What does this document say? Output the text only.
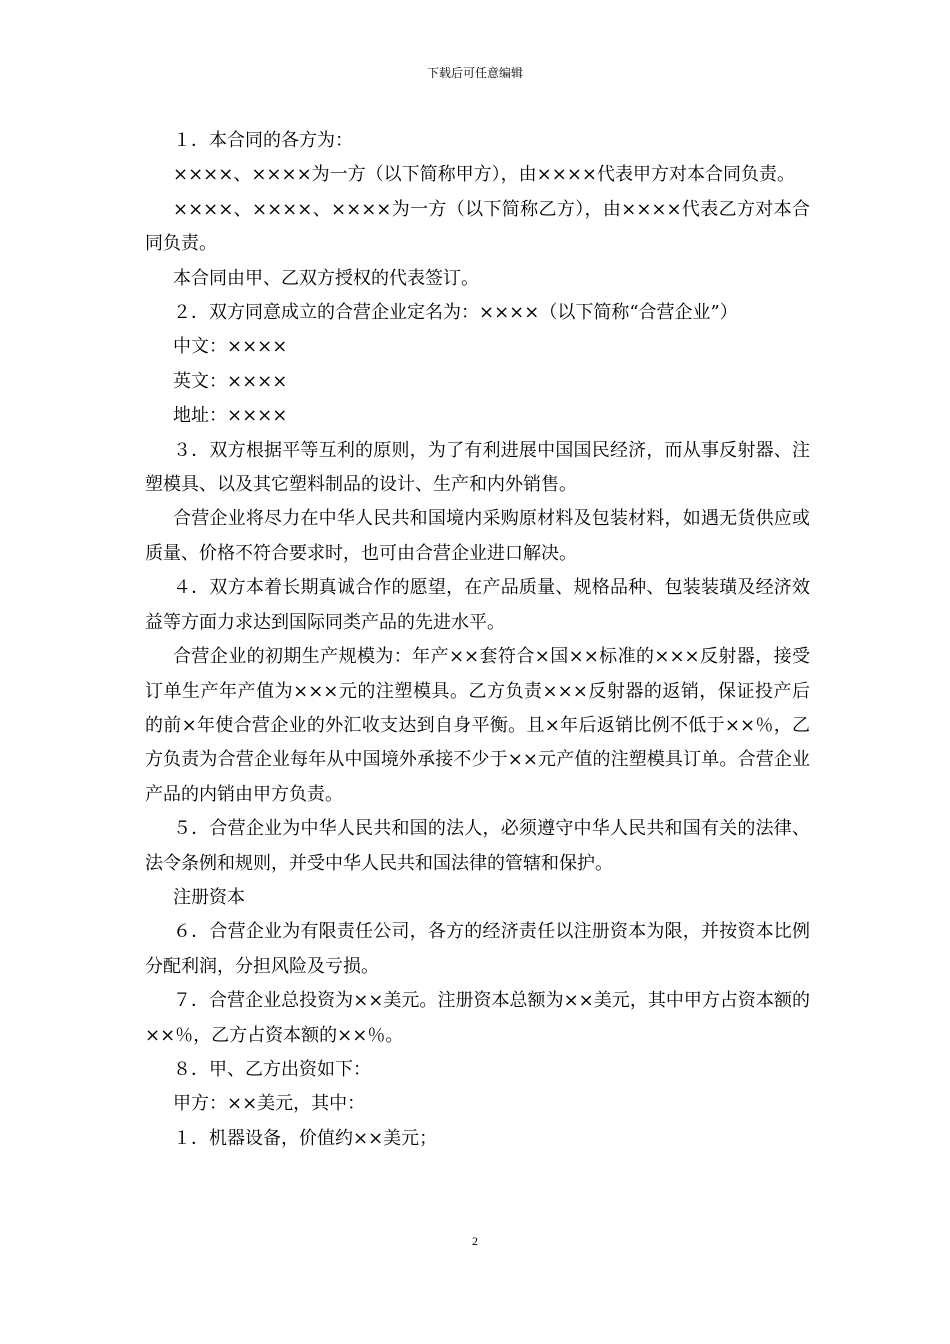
下载后可任意编辑

１．本合同的各方为：

××××、××××为一方（以下简称甲方），由××××代表甲方对本合同负责。

××××、××××、××××为一方（以下简称乙方），由××××代表乙方对本合同负责。

本合同由甲、乙双方授权的代表签订。

２．双方同意成立的合营企业定名为：××××（以下简称“合营企业”）

中文：××××

英文：××××

地址：××××

３．双方根据平等互利的原则，为了有利进展中国国民经济，而从事反射器、注塑模具、以及其它塑料制品的设计、生产和内外销售。

合营企业将尽力在中华人民共和国境内采购原材料及包装材料，如遇无货供应或质量、价格不符合要求时，也可由合营企业进口解决。

４．双方本着长期真诚合作的愿望，在产品质量、规格品种、包装装璜及经济效益等方面力求达到国际同类产品的先进水平。

合营企业的初期生产规模为：年产××套符合×国××标准的×××反射器，接受订单生产年产值为×××元的注塑模具。乙方负责×××反射器的返销，保证投产后的前×年使合营企业的外汇收支达到自身平衡。且×年后返销比例不低于××％，乙方负责为合营企业每年从中国境外承接不少于××元产值的注塑模具订单。合营企业产品的内销由甲方负责。

５．合营企业为中华人民共和国的法人，必须遵守中华人民共和国有关的法律、法令条例和规则，并受中华人民共和国法律的管辖和保护。

注册资本

６．合营企业为有限责任公司，各方的经济责任以注册资本为限，并按资本比例分配利润，分担风险及亏损。

７．合营企业总投资为××美元。注册资本总额为××美元，其中甲方占资本额的××％，乙方占资本额的××％。

８．甲、乙方出资如下：

甲方：××美元，其中：

１．机器设备，价值约××美元；

2
